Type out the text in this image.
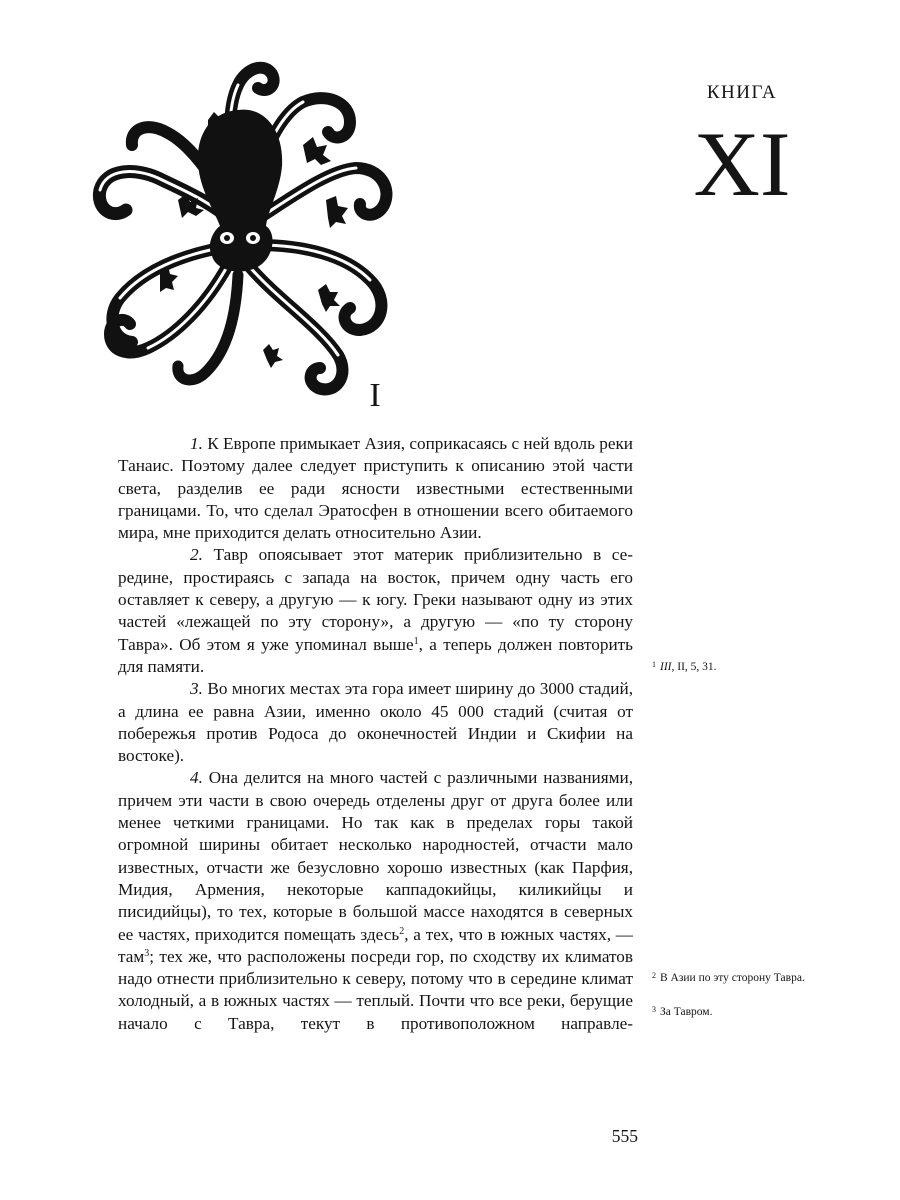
КНИГА
XI
I

1. К Европе примыкает Азия, соприкасаясь с ней вдоль реки Танаис. Поэтому далее следует приступить к описанию этой части света, разделив ее ради ясности известными естественными границами. То, что сделал Эратосфен в отношении всего обитаемого мира, мне приходится делать относительно Азии.

2. Тавр опоясывает этот материк приблизительно в середине, простираясь с запада на восток, причем одну часть его оставляет к северу, а другую — к югу. Греки называют одну из этих частей «лежащей по эту сторону», а другую — «по ту сторону Тавра». Об этом я уже упоминал выше$^1$, а теперь должен повторить для памяти.

3. Во многих местах эта гора имеет ширину до 3000 стадий, а длина ее равна Азии, именно около 45 000 стадий (считая от побережья против Родоса до оконечностей Индии и Скифии на востоке).

4. Она делится на много частей с различными названиями, причем эти части в свою очередь отделены друг от друга более или менее четкими границами. Но так как в пределах горы такой огромной ширины обитает несколько народностей, отчасти мало известных, отчасти же безусловно хорошо известных (как Парфия, Мидия, Армения, некоторые каппадокийцы, киликийцы и писидийцы), то тех, которые в большой массе находятся в северных ее частях, приходится помещать здесь$^2$, а тех, что в южных частях, — там$^3$; тех же, что расположены посреди гор, по сходству их климатов надо отнести приблизительно к северу, потому что в середине климат холодный, а в южных частях — теплый. Почти что все реки, берущие начало с Тавра, текут в противоположном направле-

$^1$ III, II, 5, 31.
$^2$ В Азии по эту сторону Тавра.
$^3$ За Тавром.
555
